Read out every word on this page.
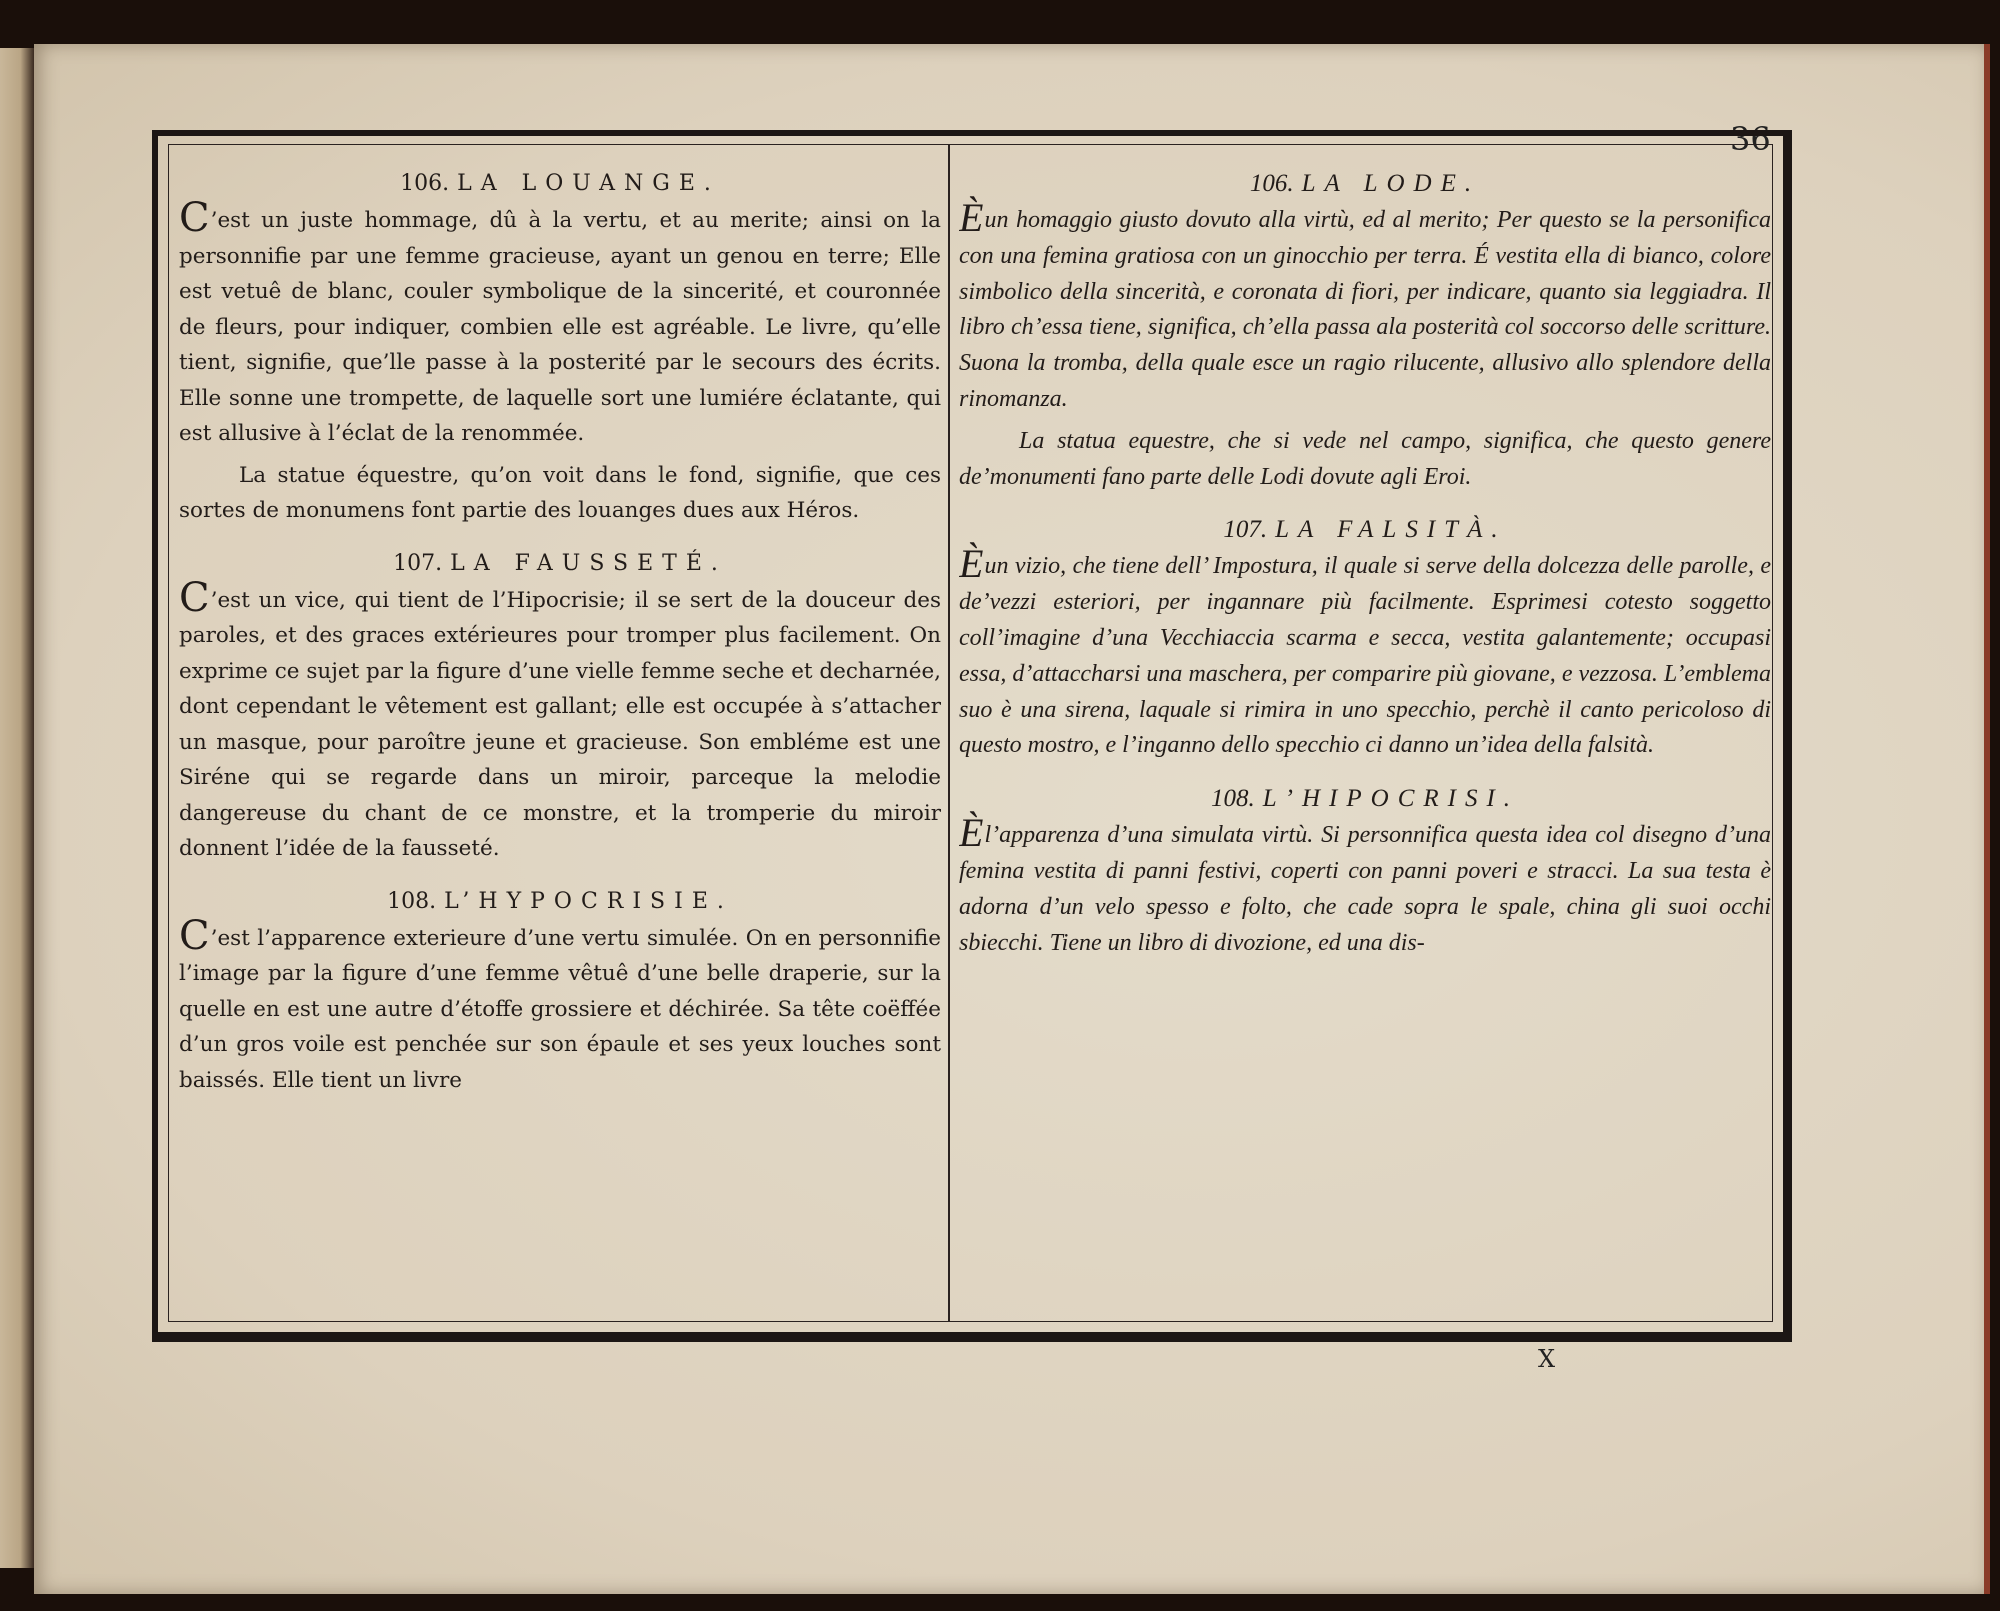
36
106. LA LOUANGE.

C’est un juste hommage, dû à la vertu, et au merite; ainsi on la personnifie par une femme gracieuse, ayant un genou en terre; Elle est vetuê de blanc, couler symbolique de la sincerité, et couronnée de fleurs, pour indiquer, combien elle est agréable. Le livre, qu’elle tient, signifie, que’lle passe à la posterité par le secours des écrits. Elle sonne une trompette, de laquelle sort une lumiére éclatante, qui est allusive à l’éclat de la renommée.

La statue équestre, qu’on voit dans le fond, signifie, que ces sortes de monumens font partie des louanges dues aux Héros.

107. LA FAUSSETÉ.

C’est un vice, qui tient de l’Hipocrisie; il se sert de la douceur des paroles, et des graces extérieures pour tromper plus facilement. On exprime ce sujet par la figure d’une vielle femme seche et decharnée, dont cependant le vêtement est gallant; elle est occupée à s’attacher un masque, pour paroître jeune et gracieuse. Son embléme est une Siréne qui se regarde dans un miroir, parceque la melodie dangereuse du chant de ce monstre, et la tromperie du miroir donnent l’idée de la fausseté.

108. L’HYPOCRISIE.

C’est l’apparence exterieure d’une vertu simulée. On en personnifie l’image par la figure d’une femme vêtuê d’une belle draperie, sur la quelle en est une autre d’étoffe grossiere et déchirée. Sa tête coëffée d’un gros voile est penchée sur son épaule et ses yeux louches sont baissés. Elle tient un livre

106. LA LODE.

Èun homaggio giusto dovuto alla virtù, ed al merito; Per questo se la personifica con una femina gratiosa con un ginocchio per terra. É vestita ella di bianco, colore simbolico della sincerità, e coronata di fiori, per indicare, quanto sia leggiadra. Il libro ch’essa tiene, significa, ch’ella passa ala posterità col soccorso delle scritture. Suona la tromba, della quale esce un ragio rilucente, allusivo allo splendore della rinomanza.

La statua equestre, che si vede nel campo, significa, che questo genere de’monumenti fano parte delle Lodi dovute agli Eroi.

107. LA FALSITÀ.

Èun vizio, che tiene dell’ Impostura, il quale si serve della dolcezza delle parolle, e de’vezzi esteriori, per ingannare più facilmente. Esprimesi cotesto soggetto coll’imagine d’una Vecchiaccia scarma e secca, vestita galantemente; occupasi essa, d’attaccharsi una maschera, per comparire più giovane, e vezzosa. L’emblema suo è una sirena, laquale si rimira in uno specchio, perchè il canto pericoloso di questo mostro, e l’inganno dello specchio ci danno un’idea della falsità.

108. L’HIPOCRISI.

Èl’apparenza d’una simulata virtù. Si personnifica questa idea col disegno d’una femina vestita di panni festivi, coperti con panni poveri e stracci. La sua testa è adorna d’un velo spesso e folto, che cade sopra le spale, china gli suoi occhi sbiecchi. Tiene un libro di divozione, ed una dis-

X
